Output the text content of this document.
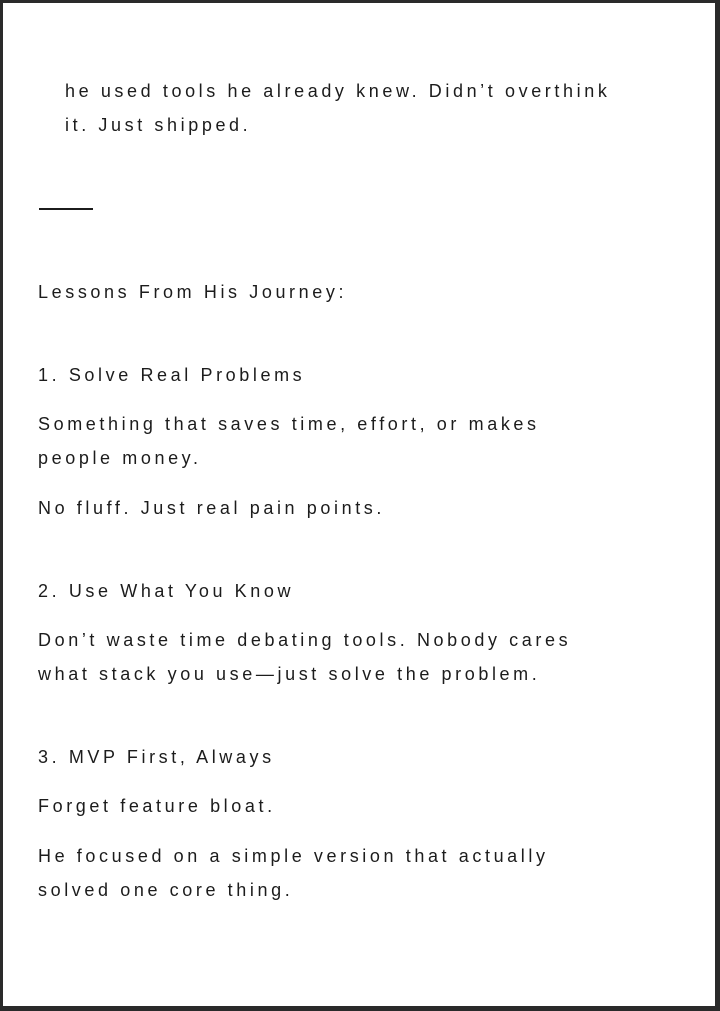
he used tools he already knew. Didn’t overthink
it. Just shipped.

Lessons From His Journey:

1. Solve Real Problems

Something that saves time, effort, or makes
people money.

No fluff. Just real pain points.

2. Use What You Know

Don’t waste time debating tools. Nobody cares
what stack you use—just solve the problem.

3. MVP First, Always

Forget feature bloat.

He focused on a simple version that actually
solved one core thing.
